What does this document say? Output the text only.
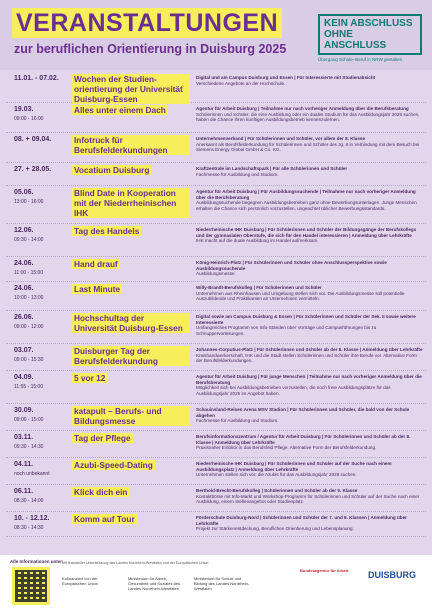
VERANSTALTUNGEN
zur beruflichen Orientierung in Duisburg 2025
KEIN ABSCHLUSS
OHNE ANSCHLUSS
Übergang Schule–Beruf in NRW gestalten
11.01. - 07.02. Wochen der Studien-orientierung der Universität Duisburg-Essen
Digital und am Campus Duisburg und Essen | Für Interessierte mit Studienabsicht
Verschiedene Angebote an der Hochschule.
19.03.
09:00 - 16:00
Alles unter einem Dach	Agentur für Arbeit Duisburg | Teilnahme nur nach vorheriger Anmeldung über die Berufsberatung
Schülerinnen und Schüler, die eine Ausbildung oder ein duales Studium für das Ausbildungsjahr 2025 suchen, haben die Chance ihren künftigen Ausbildungsbetrieb kennenzulernen.
08. + 09.04.	Infotruck für Berufsfelderkundungen
Unternehmenverband | Für Schülerinnen und Schüler, vor allem der 8. Klasse
Anerkannt als Berufsfelderkundung für Schülerinnen und Schüler des Jg. 8 in Verbindung mit dem Besuch bei Siemens Energy Global GmbH & Co. KG.
27. + 28.05.	Vocatium Duisburg	Kraftzentrale im Landschaftspark | Für alle Schülerinnen und Schüler
Fachmesse für Ausbildung und Studium.
05.06.
13:00 - 16:00
Blind Date in Kooperation mit der Niederrheinischen IHK
Agentur für Arbeit Duisburg | Für Ausbildungssuchende | Teilnahme nur nach vorheriger Anmeldung über die Berufsberatung
Ausbildungssuchende begegnen Ausbildungsbetrieben ganz ohne Bewerbungsunterlagen. Junge Menschen erhalten die Chance sich persönlich vorzustellen, ungeachtet üblicher Bewerbungsstandards.
12.06.
09:30 - 14:00
Tag des Handels	Niederrheinische IHK Duisburg | Für Schülerinnen und Schüler der Bildungsgänge der Berufskollegs und der gymnasialen Oberstufe, die sich für den Handel interessieren | Anmeldung über Lehrkräfte
IHK macht auf die duale Ausbildung im Handel aufmerksam.
24.06.
11:00 - 15:00
Hand drauf	König-Heinrich-Platz | Für Schülerinnen und Schüler ohne Anschlussperspektive sowie Ausbildungssuchende
Ausbildungsmesse.
24.06.
10:00 - 13:00
Last Minute	Willy-Brandt-Berufskolleg | Für Schülerinnen und Schüler
Unternehmen aus Rheinhausen und Umgebung stellen sich vor. Die Ausbildungsmesse soll potentielle Auszubildende und Praktikanten an Unternehmen vermitteln.
26.06.
09:00 - 12:00
Hochschultag der Universität Duisburg-Essen
Digital sowie am Campus Duisburg & Essen | Für Schülerinnen und Schüler der Sek. II sowie weitere Interessierte
Umfangreiches Programm von Info-Ständen über Vorträge und Campusführungen bis zu Schnuppervorlesungen.
03.07.
09:00 - 15:30
Duisburger Tag der Berufsfelderkundung
Johannes-Corputius-Platz | Für Schülerinnen und Schüler ab der 8. Klasse | Anmeldung über Lehrkräfte
Kreishandwerkerschaft, IHK und die Stadt stellen Schülerinnen und Schüler ihre Berufe vor. Alternative Form der Berufsfelderkundungen.
04.09.
11:55 - 15:00
5 vor 12	Agentur für Arbeit Duisburg | Für junge Menschen | Teilnahme nur nach vorheriger Anmeldung über die Berufsberatung
Möglichkeit sich bei Ausbildungsbetrieben vorzustellen, die noch freie Ausbildungsplätze für das Ausbildungsjahr 2025 im Angebot haben.
30.09.
09:00 - 15:00
katapult – Berufs- und Bildungsmesse
Schauinsland-Reisen Arena MSV Stadion | Für Schülerinnen und Schüler, die bald von der Schule abgehen
Fachmesse für Ausbildung und Studium.
03.11.
09:30 - 14:30
Tag der Pflege	Berufsinformationszentrum / Agentur für Arbeit Duisburg | Für Schülerinnen und Schüler ab der 8. Klasse | Anmeldung über Lehrkräfte
Praxisnaher Einblick in das Berufsfeld Pflege. Alternative Form der Berufsfelderkundung.
04.11.
noch unbekannt
Azubi-Speed-Dating	Niederrheinische IHK Duisburg | Für Schülerinnen und Schüler auf der Suche nach einem Ausbildungsplatz | Anmeldung über Lehrkräfte
Unternehmen stellen sich vor, die Azubis für das Ausbildungsjahr 2026 suchen.
06.11.
08:30 - 14:00
Klick dich ein	Berthold-Brecht-Berufskolleg | Schülerinnen und Schüler ab der 9. Klasse
Kontaktbörse mit Info-Markt und Workshop-Programm für Schülerinnen und Schüler auf der Suche nach einer Ausbildung, einem Stellenangebot oder Studienplatz.
10. - 12.12.
08:30 - 14:30
Komm auf Tour	Förderschule Duisburg-Nord | Schülerinnen und Schüler der 7. und 8. Klassen | Anmeldung über Lehrkräfte
Projekt zur Stärkenentdeckung, Beruflichen Orientierung und Lebensplanung.
Alle Informationen unter:
Mit finanzieller Unterstützung des Landes Nordrhein-Westfalen und der Europäischen Union
Kofinanziert von der Europäischen Union
Ministerium für Arbeit, Gesundheit und Soziales des Landes Nordrhein-Westfalen
Ministerium für Schule und Bildung des Landes Nordrhein-Westfalen
Bundesagentur für Arbeit	DUISBURG
